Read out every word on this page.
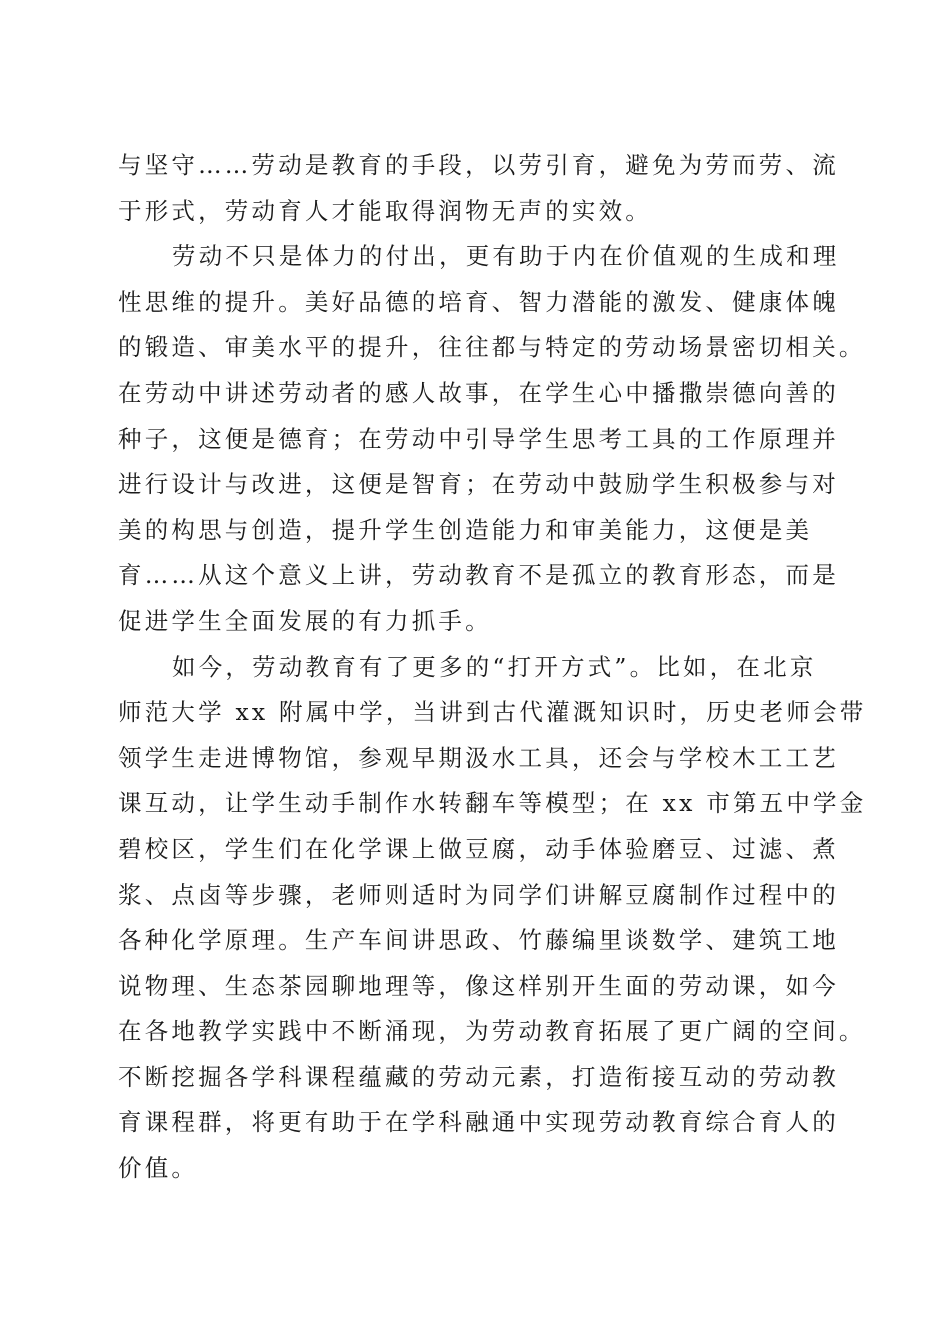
与坚守……劳动是教育的手段，以劳引育，避免为劳而劳、流
于形式，劳动育人才能取得润物无声的实效。
劳动不只是体力的付出，更有助于内在价值观的生成和理
性思维的提升。美好品德的培育、智力潜能的激发、健康体魄
的锻造、审美水平的提升，往往都与特定的劳动场景密切相关。
在劳动中讲述劳动者的感人故事，在学生心中播撒崇德向善的
种子，这便是德育；在劳动中引导学生思考工具的工作原理并
进行设计与改进，这便是智育；在劳动中鼓励学生积极参与对
美的构思与创造，提升学生创造能力和审美能力，这便是美
育……从这个意义上讲，劳动教育不是孤立的教育形态，而是
促进学生全面发展的有力抓手。
如今，劳动教育有了更多的“打开方式”。比如，在北京
师范大学 xx 附属中学，当讲到古代灌溉知识时，历史老师会带
领学生走进博物馆，参观早期汲水工具，还会与学校木工工艺
课互动，让学生动手制作水转翻车等模型；在 xx 市第五中学金
碧校区，学生们在化学课上做豆腐，动手体验磨豆、过滤、煮
浆、点卤等步骤，老师则适时为同学们讲解豆腐制作过程中的
各种化学原理。生产车间讲思政、竹藤编里谈数学、建筑工地
说物理、生态茶园聊地理等，像这样别开生面的劳动课，如今
在各地教学实践中不断涌现，为劳动教育拓展了更广阔的空间。
不断挖掘各学科课程蕴藏的劳动元素，打造衔接互动的劳动教
育课程群，将更有助于在学科融通中实现劳动教育综合育人的
价值。
